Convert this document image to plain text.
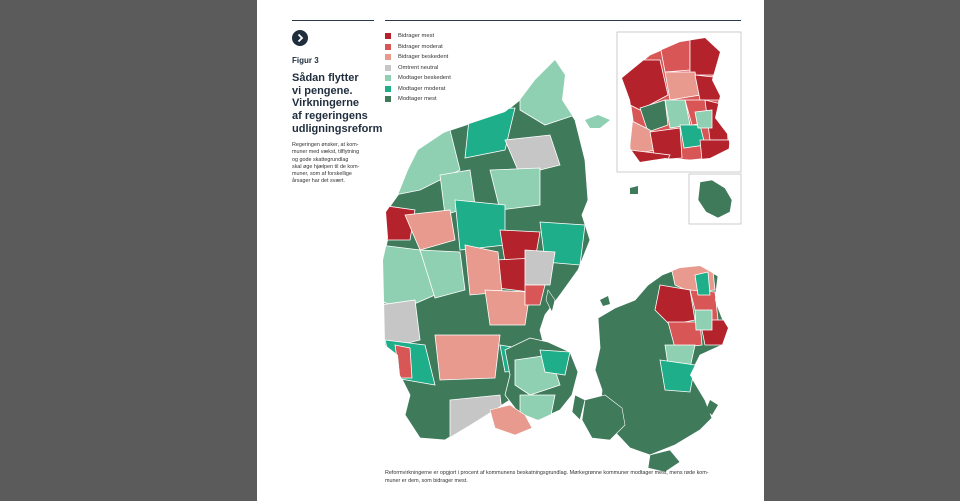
Figur 3
Sådan flytter
vi pengene.
Virkningerne
af regeringens
udligningsreform
Regeringen ønsker, at kom-
muner med vækst, tilflytning
og gode skattegrundlag
skal øge hjælpen til de kom-
muner, som af forskellige
årsager har det svært.
Bidrager mest
Bidrager moderat
Bidrager beskedent
Omtrent neutral
Modtager beskedent
Modtager moderat
Modtager mest
Reformvirkningerne er opgjort i procent af kommunens beskatningsgrundlag. Mørkegrønne kommuner modtager mest, mens røde kom-
muner er dem, som bidrager mest.
